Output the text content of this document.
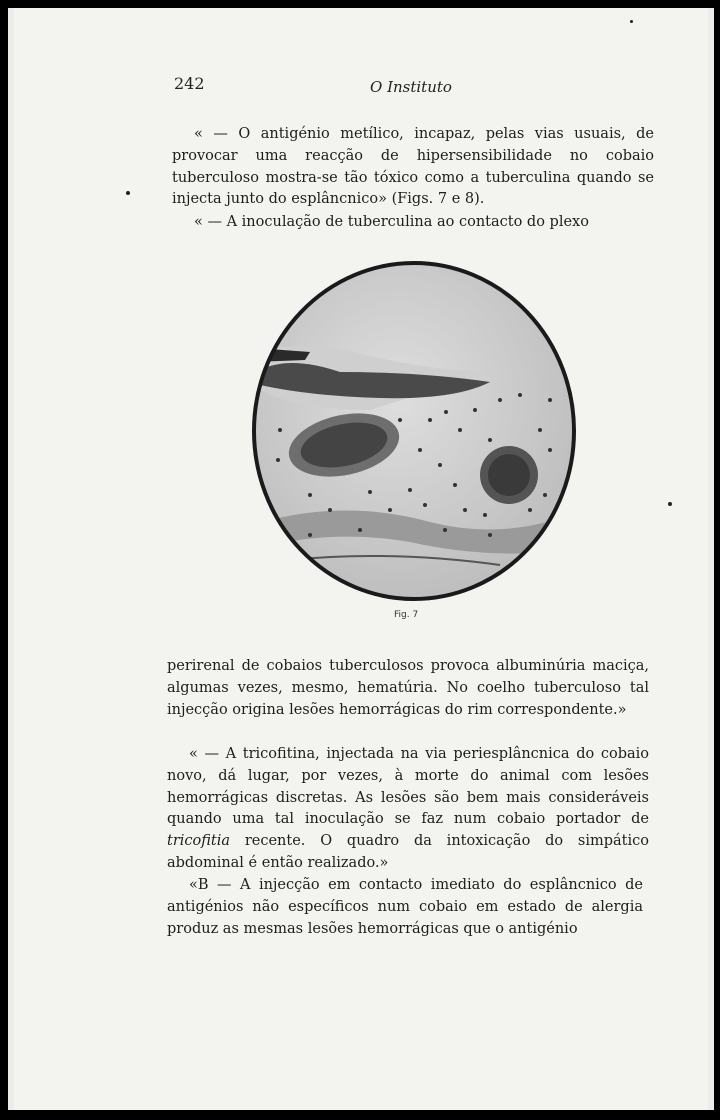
242	O Instituto

« — O antigénio metílico, incapaz, pelas vias usuais, de provocar uma reacção de hipersensibilidade no cobaio tuberculoso mostra-se tão tóxico como a tuberculina quando se injecta junto do esplâncnico» (Figs. 7 e 8).

« — A inoculação de tuberculina ao contacto do plexo

Fig. 7

perirenal de cobaios tuberculosos provoca albuminúria maciça, algumas vezes, mesmo, hematúria. No coelho tuberculoso tal injecção origina lesões hemorrágicas do rim correspondente.»

« — A tricofitina, injectada na via periesplâncnica do cobaio novo, dá lugar, por vezes, à morte do animal com lesões hemorrágicas discretas. As lesões são bem mais consideráveis quando uma tal inoculação se faz num cobaio portador de tricofitia recente. O quadro da intoxicação do simpático abdominal é então realizado.»

«B — A injecção em contacto imediato do esplâncnico de antigénios não específicos num cobaio em estado de alergia produz as mesmas lesões hemorrágicas que o antigénio
